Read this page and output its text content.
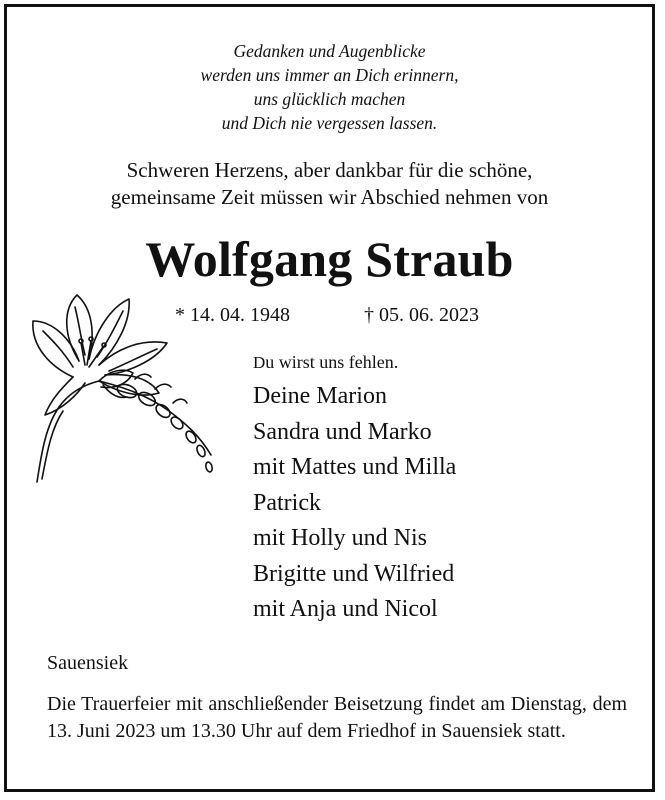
Gedanken und Augenblicke
werden uns immer an Dich erinnern,
uns glücklich machen
und Dich nie vergessen lassen.
Schweren Herzens, aber dankbar für die schöne,
gemeinsame Zeit müssen wir Abschied nehmen von
Wolfgang Straub
* 14. 04. 1948	† 05. 06. 2023
Du wirst uns fehlen.
Deine Marion
Sandra und Marko
mit Mattes und Milla
Patrick
mit Holly und Nis
Brigitte und Wilfried
mit Anja und Nicol
Sauensiek
Die Trauerfeier mit anschließender Beisetzung findet am Dienstag, dem 13. Juni 2023 um 13.30 Uhr auf dem Friedhof in Sauensiek statt.
